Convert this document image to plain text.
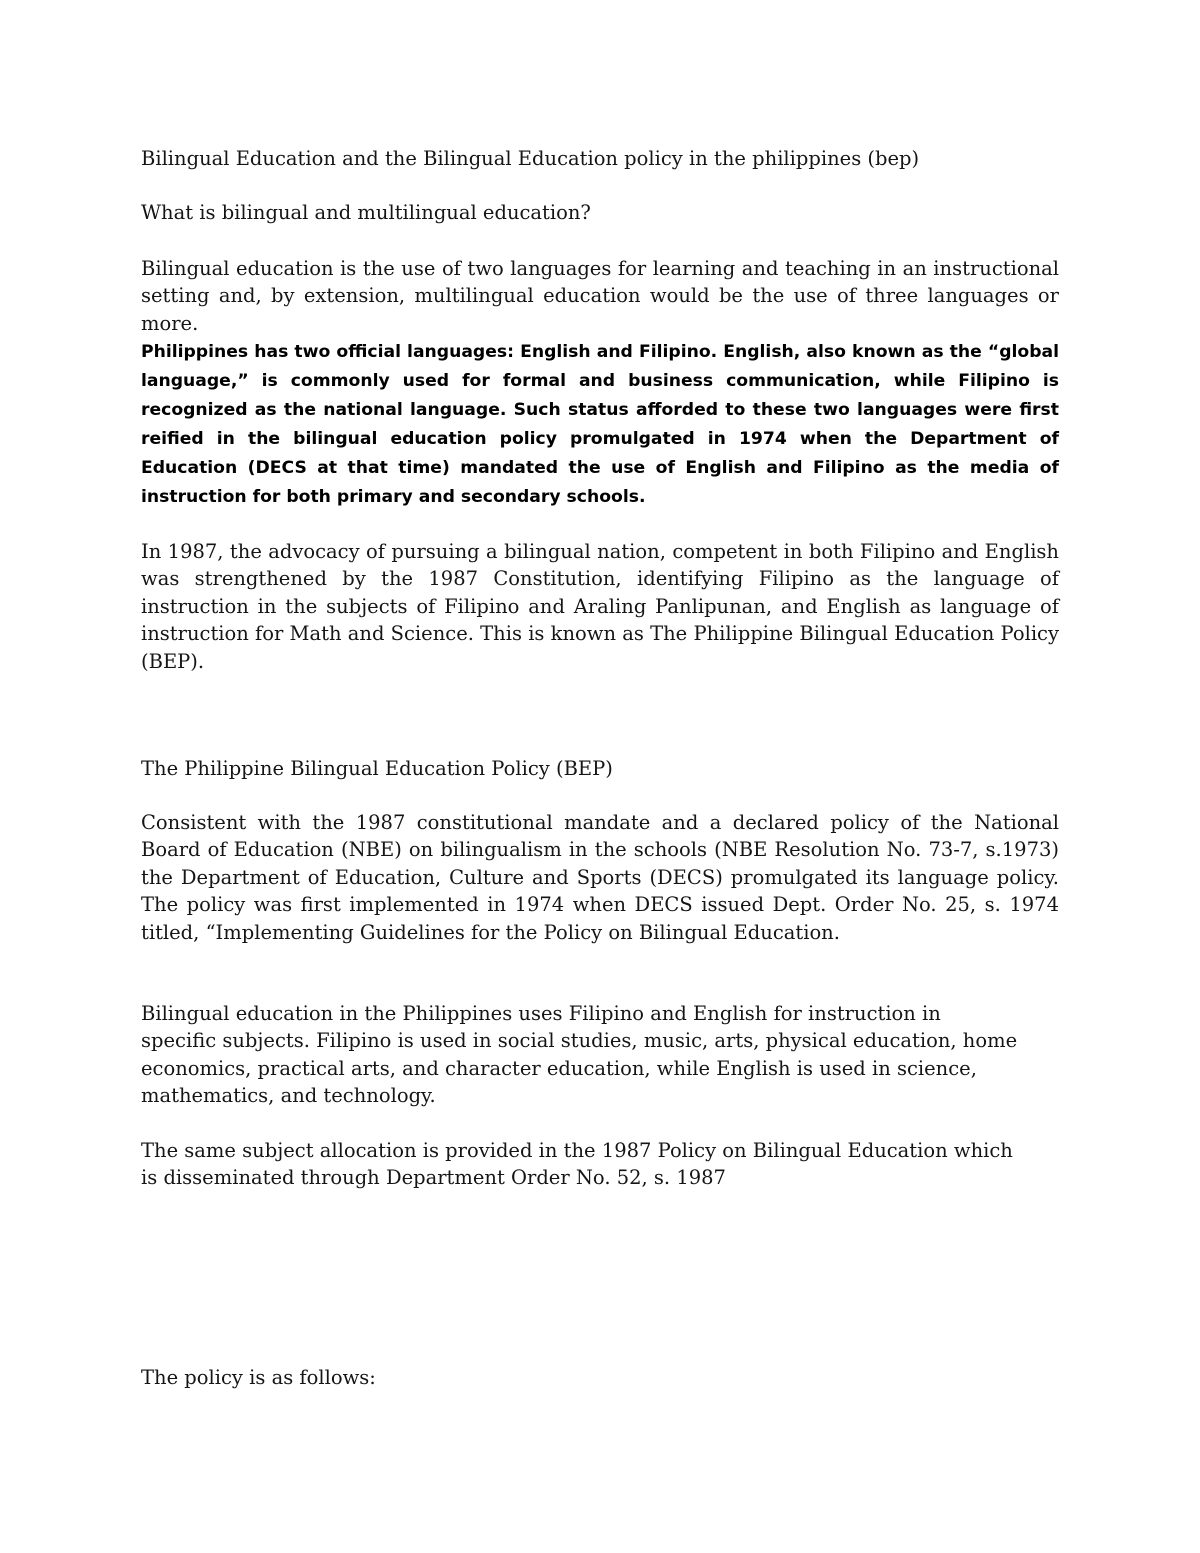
Bilingual Education and the Bilingual Education policy in the philippines (bep)

What is bilingual and multilingual education?

Bilingual education is the use of two languages for learning and teaching in an instructional setting and, by extension, multilingual education would be the use of three languages or more.

Philippines has two official languages: English and Filipino. English, also known as the “global language,” is commonly used for formal and business communication, while Filipino is recognized as the national language. Such status afforded to these two languages were first reified in the bilingual education policy promulgated in 1974 when the Department of Education (DECS at that time) mandated the use of English and Filipino as the media of instruction for both primary and secondary schools.

In 1987, the advocacy of pursuing a bilingual nation, competent in both Filipino and English was strengthened by the 1987 Constitution, identifying Filipino as the language of instruction in the subjects of Filipino and Araling Panlipunan, and English as language of instruction for Math and Science. This is known as The Philippine Bilingual Education Policy (BEP).

The Philippine Bilingual Education Policy (BEP)

Consistent with the 1987 constitutional mandate and a declared policy of the National Board of Education (NBE) on bilingualism in the schools (NBE Resolution No. 73-7, s.1973) the Department of Education, Culture and Sports (DECS) promulgated its language policy. The policy was first implemented in 1974 when DECS issued Dept. Order No. 25, s. 1974 titled, “Implementing Guidelines for the Policy on Bilingual Education.

Bilingual education in the Philippines uses Filipino and English for instruction in specific subjects. Filipino is used in social studies, music, arts, physical education, home economics, practical arts, and character education, while English is used in science, mathematics, and technology.

The same subject allocation is provided in the 1987 Policy on Bilingual Education which is disseminated through Department Order No. 52, s. 1987

The policy is as follows:
